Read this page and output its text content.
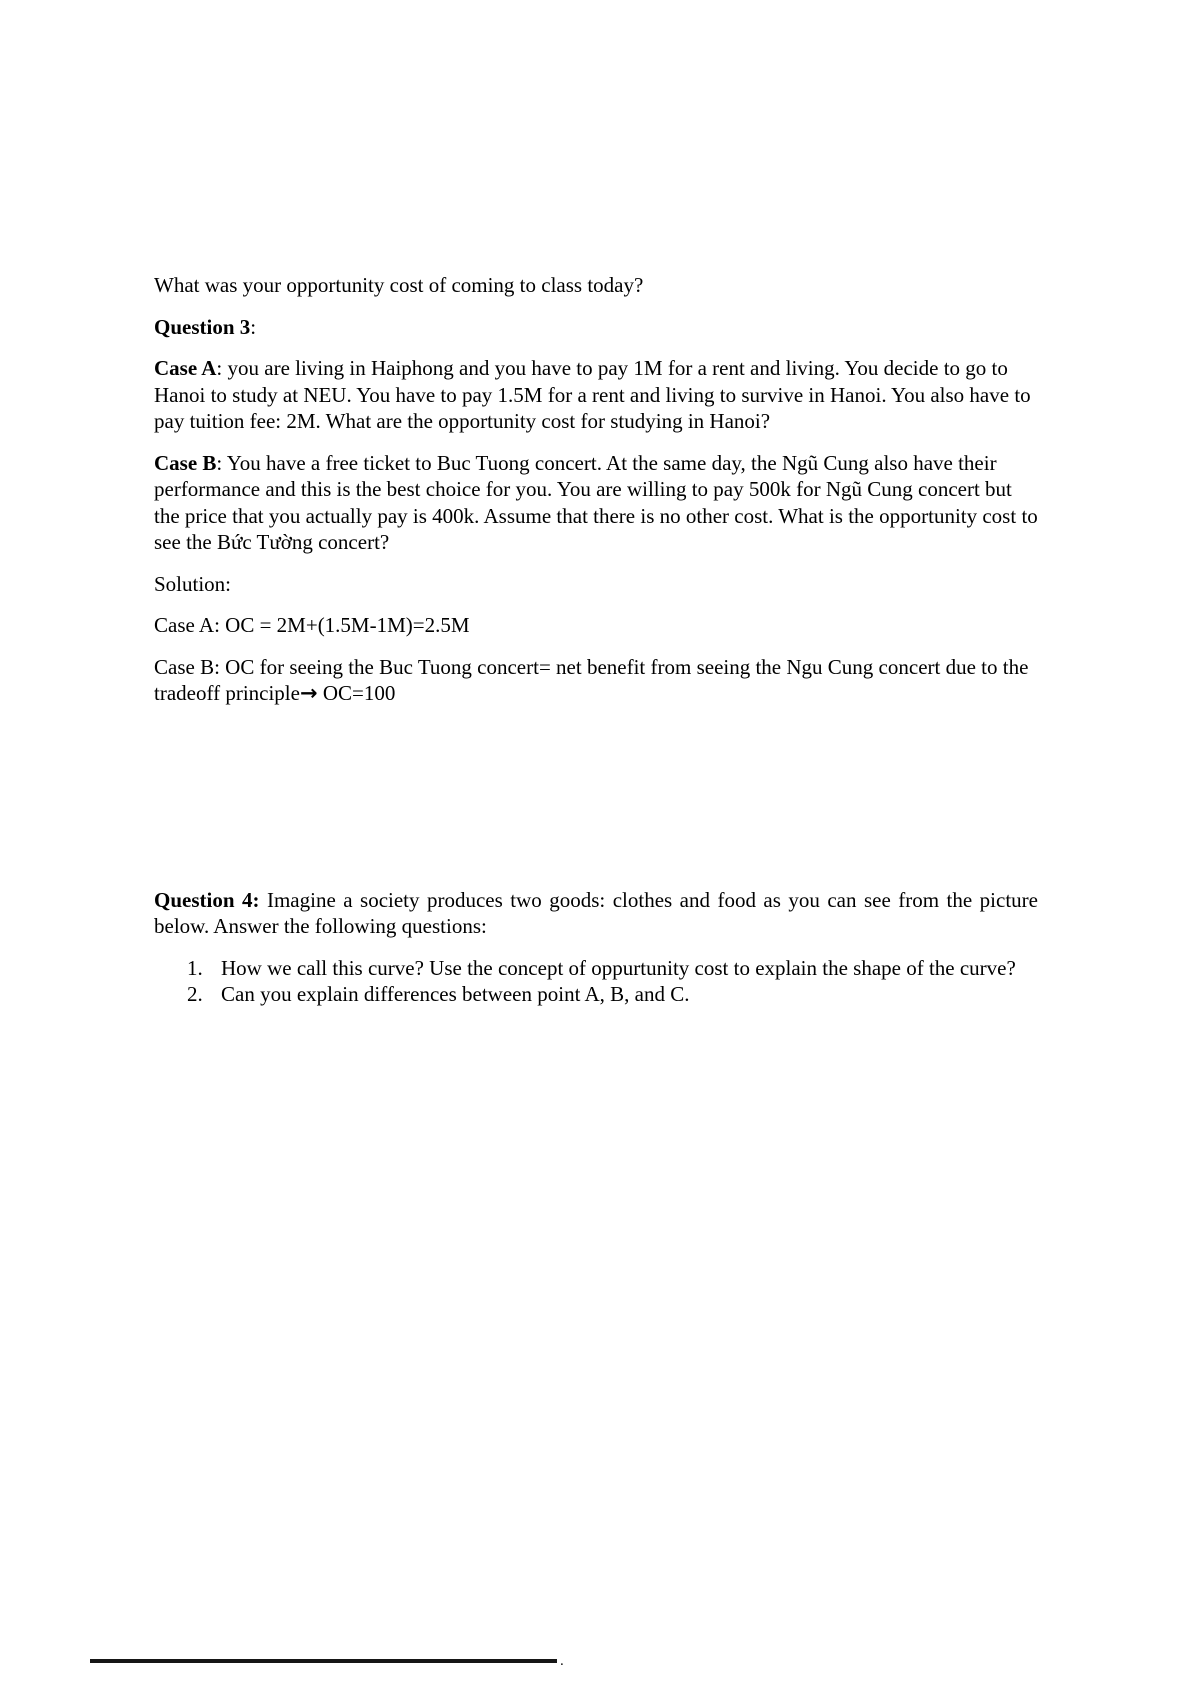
What was your opportunity cost of coming to class today?

Question 3:

Case A: you are living in Haiphong and you have to pay 1M for a rent and living. You decide to go to Hanoi to study at NEU. You have to pay 1.5M for a rent and living to survive in Hanoi. You also have to pay tuition fee: 2M. What are the opportunity cost for studying in Hanoi?

Case B: You have a free ticket to Buc Tuong concert. At the same day, the Ngũ Cung also have their performance and this is the best choice for you. You are willing to pay 500k for Ngũ Cung concert but the price that you actually pay is 400k. Assume that there is no other cost. What is the opportunity cost to see the Bức Tường concert?

Solution:

Case A: OC = 2M+(1.5M-1M)=2.5M

Case B: OC for seeing the Buc Tuong concert= net benefit from seeing the Ngu Cung concert due to the tradeoff principle→ OC=100

Question 4: Imagine a society produces two goods: clothes and food as you can see from the picture below. Answer the following questions:

1. How we call this curve? Use the concept of oppurtunity cost to explain the shape of the curve?
2. Can you explain differences between point A, B, and C.
.
